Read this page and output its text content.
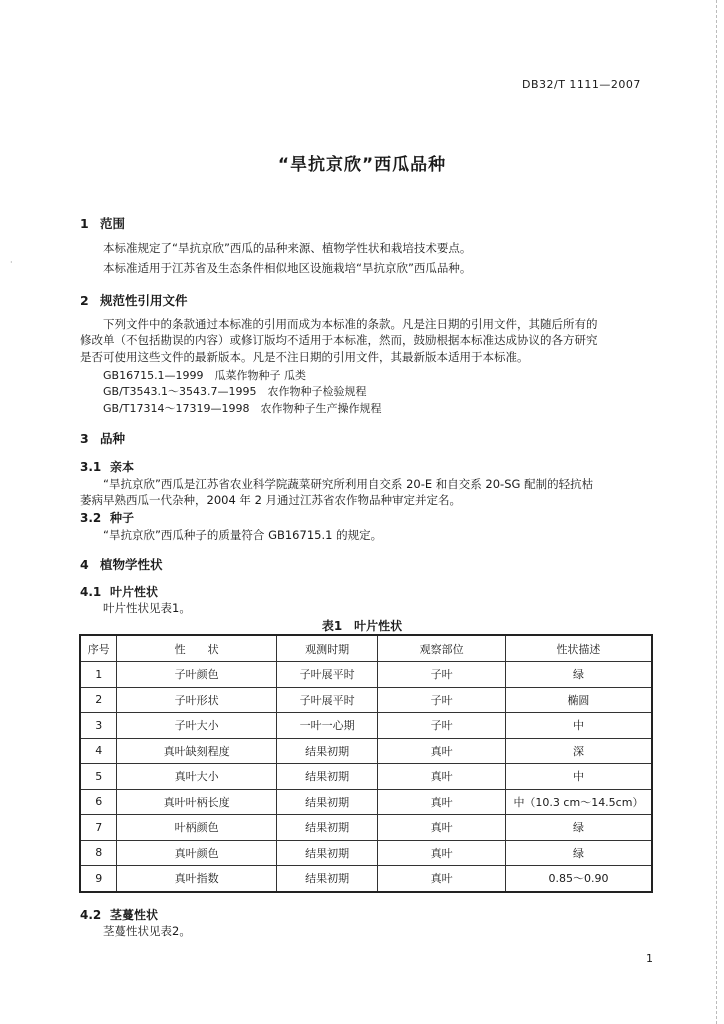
·
DB32/T 1111—2007
“旱抗京欣”西瓜品种
1 范围
本标准规定了“旱抗京欣”西瓜的品种来源、植物学性状和栽培技术要点。
本标准适用于江苏省及生态条件相似地区设施栽培“旱抗京欣”西瓜品种。
2 规范性引用文件
下列文件中的条款通过本标准的引用而成为本标准的条款。凡是注日期的引用文件，其随后所有的
修改单（不包括勘误的内容）或修订版均不适用于本标准，然而，鼓励根据本标准达成协议的各方研究
是否可使用这些文件的最新版本。凡是不注日期的引用文件，其最新版本适用于本标准。
GB16715.1—1999　瓜菜作物种子 瓜类
GB/T3543.1～3543.7—1995　农作物种子检验规程
GB/T17314～17319—1998　农作物种子生产操作规程
3 品种
3.1 亲本
“旱抗京欣”西瓜是江苏省农业科学院蔬菜研究所利用自交系 20-E 和自交系 20-SG 配制的轻抗枯
萎病早熟西瓜一代杂种，2004 年 2 月通过江苏省农作物品种审定并定名。
3.2 种子
“旱抗京欣”西瓜种子的质量符合 GB16715.1 的规定。
4 植物学性状
4.1 叶片性状
叶片性状见表1。
表1　叶片性状
序号	性　　状	观测时期	观察部位	性状描述
1	子叶颜色	子叶展平时	子叶	绿
2	子叶形状	子叶展平时	子叶	椭圆
3	子叶大小	一叶一心期	子叶	中
4	真叶缺刻程度	结果初期	真叶	深
5	真叶大小	结果初期	真叶	中
6	真叶叶柄长度	结果初期	真叶	中（10.3 cm～14.5cm）
7	叶柄颜色	结果初期	真叶	绿
8	真叶颜色	结果初期	真叶	绿
9	真叶指数	结果初期	真叶	0.85～0.90
4.2 茎蔓性状
茎蔓性状见表2。
1
